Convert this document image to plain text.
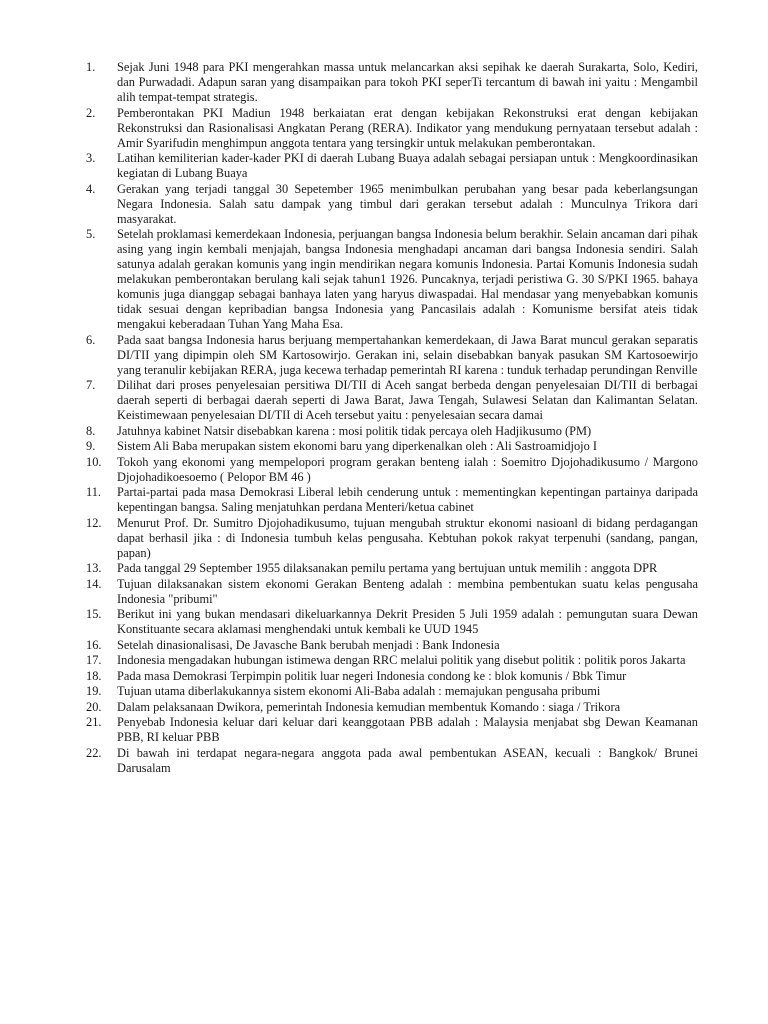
1.	Sejak Juni 1948 para PKI mengerahkan massa untuk melancarkan aksi sepihak ke daerah Surakarta, Solo, Kediri, dan Purwadadi. Adapun saran yang disampaikan para tokoh PKI seperTi tercantum di bawah ini yaitu : Mengambil alih tempat-tempat strategis.
2.	Pemberontakan PKI Madiun 1948 berkaiatan erat dengan kebijakan Rekonstruksi erat dengan kebijakan Rekonstruksi dan Rasionalisasi Angkatan Perang (RERA). Indikator yang mendukung pernyataan tersebut adalah : Amir Syarifudin menghimpun anggota tentara yang tersingkir untuk melakukan pemberontakan.
3.	Latihan kemiliterian kader-kader PKI di daerah Lubang Buaya adalah sebagai persiapan untuk : Mengkoordinasikan kegiatan di Lubang Buaya
4.	Gerakan yang terjadi tanggal 30 Sepetember 1965 menimbulkan perubahan yang besar pada keberlangsungan Negara Indonesia. Salah satu dampak yang timbul dari gerakan tersebut adalah : Munculnya Trikora dari masyarakat.
5.	Setelah proklamasi kemerdekaan Indonesia, perjuangan bangsa Indonesia belum berakhir. Selain ancaman dari pihak asing yang ingin kembali menjajah, bangsa Indonesia menghadapi ancaman dari bangsa Indonesia sendiri. Salah satunya adalah gerakan komunis yang ingin mendirikan negara komunis Indonesia. Partai Komunis Indonesia sudah melakukan pemberontakan berulang kali sejak tahun1 1926. Puncaknya, terjadi peristiwa G. 30 S/PKI 1965. bahaya komunis juga dianggap sebagai banhaya laten yang haryus diwaspadai. Hal mendasar yang menyebabkan komunis tidak sesuai dengan kepribadian bangsa Indonesia yang Pancasilais adalah : Komunisme bersifat ateis tidak mengakui keberadaan Tuhan Yang Maha Esa.
6.	Pada saat bangsa Indonesia harus berjuang mempertahankan kemerdekaan, di Jawa Barat muncul gerakan separatis DI/TII yang dipimpin oleh SM Kartosowirjo. Gerakan ini, selain disebabkan banyak pasukan SM Kartosoewirjo yang teranulir kebijakan RERA, juga kecewa terhadap pemerintah RI karena : tunduk terhadap perundingan Renville
7.	Dilihat dari proses penyelesaian persitiwa DI/TII di Aceh sangat berbeda dengan penyelesaian DI/TII di berbagai daerah seperti di berbagai daerah seperti di Jawa Barat, Jawa Tengah, Sulawesi Selatan dan Kalimantan Selatan. Keistimewaan penyelesaian DI/TII di Aceh tersebut yaitu : penyelesaian secara damai
8.	Jatuhnya kabinet Natsir disebabkan karena : mosi politik tidak percaya oleh Hadjikusumo (PM)
9.	Sistem Ali Baba merupakan sistem ekonomi baru yang diperkenalkan oleh : Ali Sastroamidjojo I
10.	Tokoh yang ekonomi yang mempelopori program gerakan benteng ialah : Soemitro Djojohadikusumo / Margono Djojohadikoesoemo ( Pelopor BM 46 )
11.	Partai-partai pada masa Demokrasi Liberal lebih cenderung untuk : mementingkan kepentingan partainya daripada kepentingan bangsa. Saling menjatuhkan perdana Menteri/ketua cabinet
12.	Menurut Prof. Dr. Sumitro Djojohadikusumo, tujuan mengubah struktur ekonomi nasioanl di bidang perdagangan dapat berhasil jika : di Indonesia tumbuh kelas pengusaha. Kebtuhan pokok rakyat terpenuhi (sandang, pangan, papan)
13.	Pada tanggal 29 September 1955 dilaksanakan pemilu pertama yang bertujuan untuk memilih : anggota DPR
14.	Tujuan dilaksanakan sistem ekonomi Gerakan Benteng adalah : membina pembentukan suatu kelas pengusaha Indonesia "pribumi"
15.	Berikut ini yang bukan mendasari dikeluarkannya Dekrit Presiden 5 Juli 1959 adalah : pemungutan suara Dewan Konstituante secara aklamasi menghendaki untuk kembali ke UUD 1945
16.	Setelah dinasionalisasi, De Javasche Bank berubah menjadi : Bank Indonesia
17.	Indonesia mengadakan hubungan istimewa dengan RRC melalui politik yang disebut politik : politik poros Jakarta
18.	Pada masa Demokrasi Terpimpin politik luar negeri Indonesia condong ke : blok komunis / Bbk Timur
19.	Tujuan utama diberlakukannya sistem ekonomi Ali-Baba adalah : memajukan pengusaha pribumi
20.	Dalam pelaksanaan Dwikora, pemerintah Indonesia kemudian membentuk Komando : siaga / Trikora
21.	Penyebab Indonesia keluar dari keluar dari keanggotaan PBB adalah : Malaysia menjabat sbg Dewan Keamanan PBB, RI keluar PBB
22.	Di bawah ini terdapat negara-negara anggota pada awal pembentukan ASEAN, kecuali : Bangkok/ Brunei Darusalam
